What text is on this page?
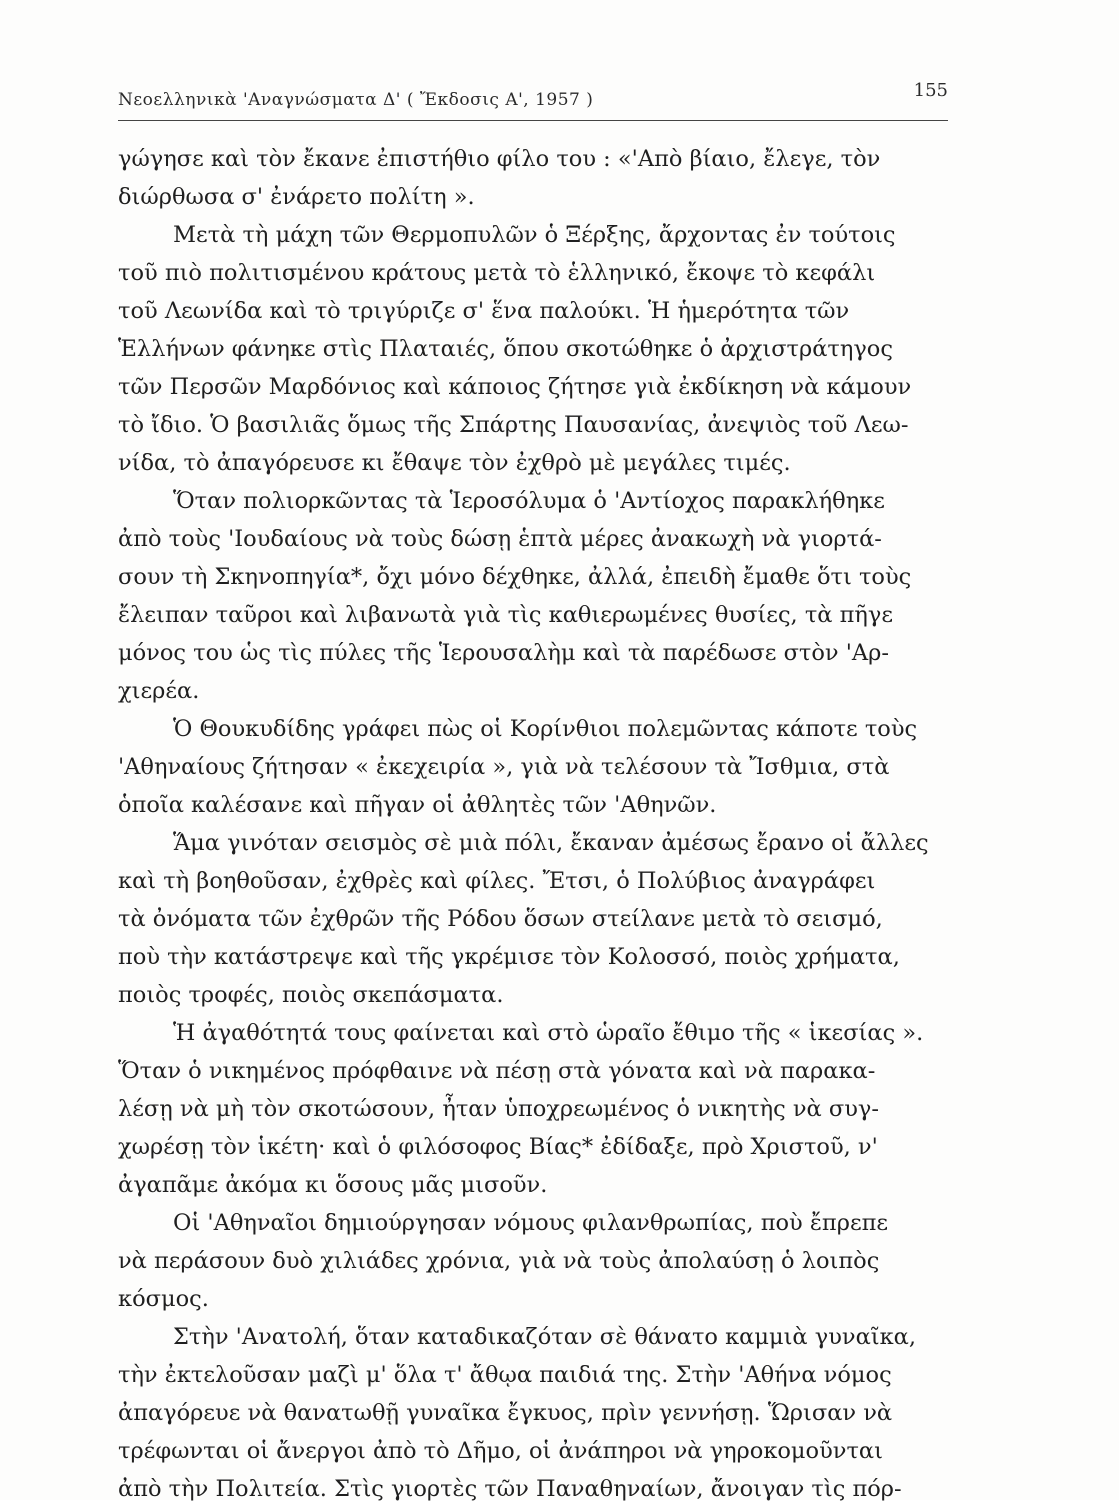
Νεοελληνικὰ 'Αναγνώσματα Δ' ( Ἔκδοσις Α', 1957 )	155
γώγησε καὶ τὸν ἔκανε ἐπιστήθιο φίλο του : «'Απὸ βίαιο, ἔλεγε, τὸν
διώρθωσα σ' ἐνάρετο πολίτη ».
Μετὰ τὴ μάχη τῶν Θερμοπυλῶν ὁ Ξέρξης, ἄρχοντας ἐν τούτοις
τοῦ πιὸ πολιτισμένου κράτους μετὰ τὸ ἑλληνικό, ἔκοψε τὸ κεφάλι
τοῦ Λεωνίδα καὶ τὸ τριγύριζε σ' ἕνα παλούκι. Ἡ ἡμερότητα τῶν
Ἑλλήνων φάνηκε στὶς Πλαταιές, ὅπου σκοτώθηκε ὁ ἀρχιστράτηγος
τῶν Περσῶν Μαρδόνιος καὶ κάποιος ζήτησε γιὰ ἐκδίκηση νὰ κάμουν
τὸ ἴδιο. Ὁ βασιλιᾶς ὅμως τῆς Σπάρτης Παυσανίας, ἀνεψιὸς τοῦ Λεω-
νίδα, τὸ ἀπαγόρευσε κι ἔθαψε τὸν ἐχθρὸ μὲ μεγάλες τιμές.
Ὅταν πολιορκῶντας τὰ Ἱεροσόλυμα ὁ 'Αντίοχος παρακλήθηκε
ἀπὸ τοὺς 'Ιουδαίους νὰ τοὺς δώσῃ ἑπτὰ μέρες ἀνακωχὴ νὰ γιορτά-
σουν τὴ Σκηνοπηγία*, ὄχι μόνο δέχθηκε, ἀλλά, ἐπειδὴ ἔμαθε ὅτι τοὺς
ἔλειπαν ταῦροι καὶ λιβανωτὰ γιὰ τὶς καθιερωμένες θυσίες, τὰ πῆγε
μόνος του ὡς τὶς πύλες τῆς Ἱερουσαλὴμ καὶ τὰ παρέδωσε στὸν 'Αρ-
χιερέα.
Ὁ Θουκυδίδης γράφει πὼς οἱ Κορίνθιοι πολεμῶντας κάποτε τοὺς
'Αθηναίους ζήτησαν « ἐκεχειρία », γιὰ νὰ τελέσουν τὰ Ἴσθμια, στὰ
ὁποῖα καλέσανε καὶ πῆγαν οἱ ἀθλητὲς τῶν 'Αθηνῶν.
Ἅμα γινόταν σεισμὸς σὲ μιὰ πόλι, ἔκαναν ἀμέσως ἔρανο οἱ ἄλλες
καὶ τὴ βοηθοῦσαν, ἐχθρὲς καὶ φίλες. Ἔτσι, ὁ Πολύβιος ἀναγράφει
τὰ ὀνόματα τῶν ἐχθρῶν τῆς Ρόδου ὅσων στείλανε μετὰ τὸ σεισμό,
ποὺ τὴν κατάστρεψε καὶ τῆς γκρέμισε τὸν Κολοσσό, ποιὸς χρήματα,
ποιὸς τροφές, ποιὸς σκεπάσματα.
Ἡ ἀγαθότητά τους φαίνεται καὶ στὸ ὡραῖο ἔθιμο τῆς « ἱκεσίας ».
Ὅταν ὁ νικημένος πρόφθαινε νὰ πέσῃ στὰ γόνατα καὶ νὰ παρακα-
λέσῃ νὰ μὴ τὸν σκοτώσουν, ἦταν ὑποχρεωμένος ὁ νικητὴς νὰ συγ-
χωρέσῃ τὸν ἱκέτη· καὶ ὁ φιλόσοφος Βίας* ἐδίδαξε, πρὸ Χριστοῦ, ν'
ἀγαπᾶμε ἀκόμα κι ὅσους μᾶς μισοῦν.
Οἱ 'Αθηναῖοι δημιούργησαν νόμους φιλανθρωπίας, ποὺ ἔπρεπε
νὰ περάσουν δυὸ χιλιάδες χρόνια, γιὰ νὰ τοὺς ἀπολαύσῃ ὁ λοιπὸς
κόσμος.
Στὴν 'Ανατολή, ὅταν καταδικαζόταν σὲ θάνατο καμμιὰ γυναῖκα,
τὴν ἐκτελοῦσαν μαζὶ μ' ὅλα τ' ἄθῳα παιδιά της. Στὴν 'Αθήνα νόμος
ἀπαγόρευε νὰ θανατωθῇ γυναῖκα ἔγκυος, πρὶν γεννήσῃ. Ὥρισαν νὰ
τρέφωνται οἱ ἄνεργοι ἀπὸ τὸ Δῆμο, οἱ ἀνάπηροι νὰ γηροκομοῦνται
ἀπὸ τὴν Πολιτεία. Στὶς γιορτὲς τῶν Παναθηναίων, ἄνοιγαν τὶς πόρ-
